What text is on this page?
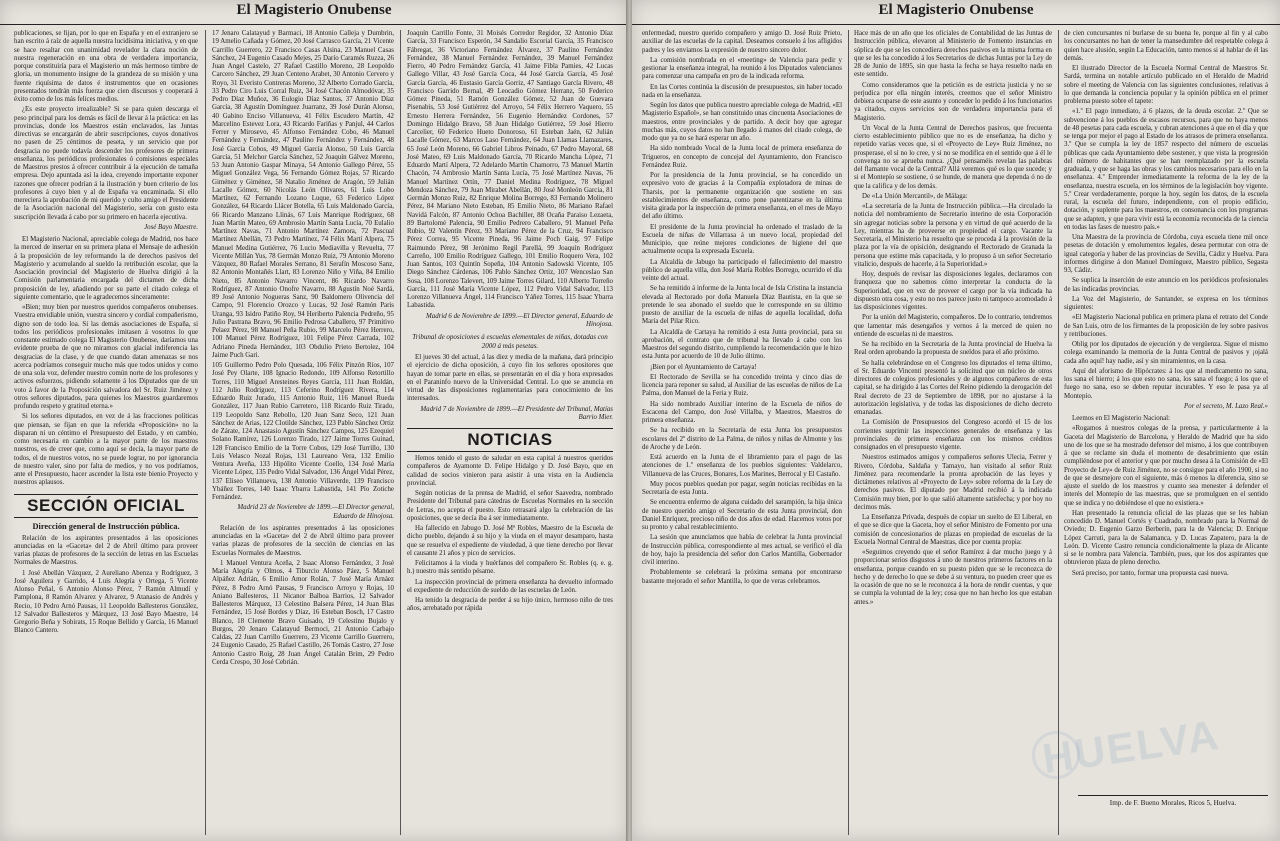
El Magisterio Onubense

publicaciones, se fijan, por lo que en España y en el extranjero se han escrito á raíz de aquella nuestra lucidísima iniciativa, y en que se hace resaltar con unanimidad revelador la clara noción de nuestra regeneración en una obra de verdadera importancia, porque constituiría para el Magisterio un más hermoso timbre de gloria, un monumento insigne de la grandeza de su misión y una fuente riquísima de datos é instrumentos que en ocasiones presentados tendrán más fuerza que cien discursos y cooperará á éxito como de los más felices medios.

¿Es este proyecto irrealizable? Si se para quien descarga el peso principal para los demás es fácil de llevar á la práctica: en las provincias, donde los Maestros están enclavados, las Juntas directivas se encargarán de abrir suscripciones, cuyos donativos no pasen de 25 céntimos de peseta, y un servicio que por desgracia no puede todavía descender los profesores de primera enseñanza, los periódicos profesionales ó comisiones especiales de Maestros prestos á ofrecer contribuir á la ejecución de tamaña empresa. Dejo apuntada así la idea, creyendo importante exponer razones que ofrecer podrían á la ilustración y buen criterio de los profesores á cuyo bien y al de España va encaminada. Si ello mereciera la aprobación de mi querido y culto amigo el Presidente de la Asociación nacional del Magisterio, sería con gusto esta suscripción llevada á cabo por su primero en hacerla ejecutiva.

José Bayo Maestre.

El Magisterio Nacional, apreciable colega de Madrid, nos hace la merced de insertar en su primera plana el Mensaje de adhesión á la proposición de ley reformando la de derechos pasivos del Magisterio y acumulando al sueldo la retribución escolar, que la Asociación provincial del Magisterio de Huelva dirigió á la Comisión parlamentaria encargada del dictamen de dicha proposición de ley, añadiendo por su parte el citado colega el siguiente comentario, que le agradecemos sinceramente:

«Bien; muy bien por nuestros queridos compañeros onubenses. Vuestra envidiable unión, vuestra sincero y cordial compañerismo, digno son de todo loa. Si las demás asociaciones de España, si todos los periódicos profesionales imitasen á vosotros lo que constante estimado colega El Magisterio Onubense, daríamos una evidente prueba de que no miramos con glacial indiferencia las desgracias de la clase, y de que cuando datan amenazas se nos acerca podríamos conseguir mucho más que todos unidos y como de una sola voz, defender nuestro común norte de los profesores y activos esfuerzos, pidiendo solamente á los Diputados que de un voto á favor de la Proposición salvadora del Sr. Ruiz Jiménez y otros señores diputados, para quienes los Maestros guardaremos profundo respeto y gratitud eterna.»

Si los señores diputados, en vez de á las fracciones políticas que piensan, se fijan en que la referida «Proposición» no la disparan ni un céntimo el Presupuesto del Estado, y en cambio, como necesaria en cambio a la mayor parte de los maestros nuestros, es de creer que, como aquí se decía, la mayor parte de todos, el de nuestros votos, no se puede lograr, no por ignorancia de nuestro valer, sino por falta de medios, y no vos podríamos, ante el Presupuesto, hacer ascender la lista este bienio Proyecto y nuestros aplausos.

SECCIÓN OFICIAL
Dirección general de Instrucción pública.

Relación de los aspirantes presentados á las oposiciones anunciadas en la «Gaceta» del 2 de Abril último para proveer varias plazas de profesores de la sección de letras en las Escuelas Normales de Maestros.

1 José Abellán Vázquez, 2 Aureliano Abenza y Rodríguez, 3 José Aguilera y Garrido, 4 Luis Alegría y Ortega, 5 Vicente Alonso Peñal, 6 Antonio Alonso Pérez, 7 Ramón Almudí y Pamplona, 8 Ramón Alvarez y Alvarez, 9 Atanasio de Andrés y Recio, 10 Pedro Arnó Pausas, 11 Leopoldo Ballesteros González, 12 Salvador Ballesteros y Márquez, 13 José Bayo Maestre, 14 Gregorio Beña y Sobirats, 15 Roque Bellido y García, 16 Manuel Blanco Cantero.

17 Jenaro Calatayud y Barmaci, 18 Antonio Calleja y Dumbrin, 19 Amelio Cañada y Gómez, 20 José Carrasco García, 21 Vicente Carrillo Guerrero, 22 Francisco Casas Alsina, 23 Manuel Casas Sánchez, 24 Eugenio Casado Mejes, 25 Darío Caramés Ruzza, 26 Juan Angel Castelo, 27 Rafael Castillo Moreno, 28 Leopoldo Carcero Sánchez, 29 Juan Centeno Arabet, 30 Antonio Cervero y Royo, 31 Everisto Contreras Moreno, 32 Alberto Corrado García, 33 Pedro Ciro Luis Corral Ruiz, 34 José Chacón Almodóvar, 35 Pedro Díaz Muñoz, 36 Eulogio Díaz Santos, 37 Antonio Díaz García, 38 Agustín Domínguez Juarranz, 39 José Durán Alonso, 40 Gabino Enciso Villanueva, 41 Félix Escudero Martín, 42 Marcelino Estevez Lora, 43 Ricardo Fariñas y Panjul, 44 Carlos Ferrer y Mirosevo, 45 Alfonso Fernández Cobo, 46 Manuel Fernández y Fernández, 47 Paulino Fernández y Fernández, 48 José Garcia Cobos, 49 Miguel García Alonso, 50 Luis García García, 51 Melchor García Sánchez, 52 Joaquín Gálvez Moreno, 53 Juan Antonio Gaspar Minaya, 54 Antonio Gallego Pérez, 55 Miguel González Vega, 56 Fernando Gómez Rojas, 57 Ricardo Giménez y Giménez, 58 Natalio Jiménez de Aragón, 59 Julián Lacalle Gómez, 60 Nicolás León Olivares, 61 Luis Lobo Martínez, 62 Fernando Lozano Luque, 63 Federico López González, 64 Ricardo Llácer Botella, 65 Luis Maldonado García, 66 Ricardo Manzano Llinás, 67 Luis Manrique Rodríguez, 68 Juan Martín Mateo, 69 Ambrosio Martín Santa Lucía, 70 Eulalio Martínez Navas, 71 Antonio Martínez Zamora, 72 Pascual Martínez Abellán, 73 Pedro Martínez, 74 Félix Martí Alpera, 75 Manuel Medina Gutiérrez, 76 Lucio Mediavilla y Revuelta, 77 Vicente Millán Yus, 78 Germán Monzo Ruiz, 79 Antonio Moreno Vázquez, 80 Rafael Morales Serrano, 81 Serafín Moscoso Sanz, 82 Antonio Montañés Llart, 83 Lorenzo Niño y Viña, 84 Emilio Nieto, 85 Antonio Navarro Vincent, 86 Ricardo Navarro Rodríguez, 87 Antonio Onofre Navarro, 88 Agustín Noé Sardá, 89 José Antonio Nogueras Sanz, 90 Baldomero Olivencia del Campo, 91 Florencio Orozco y Lucas, 92 José Ramón Paris Uranga, 93 Isidro Patiño Roy, 94 Heriberto Palencia Pedreño, 95 Julio Pastrana Bravo, 96 Emilio Pedrosa Caballero, 97 Primitivo Pelaez Pérez, 98 Manuel Peña Rubio, 99 Marcelo Pérez Herrero, 100 Manuel Pérez Rodríguez, 101 Felipe Pérez Carrada, 102 Adriano Pineda Hernández, 103 Obdulio Prieto Bertolez, 104 Jaime Puch Gari.

105 Guillermo Pedro Polo Quesada, 106 Félix Pinzón Ríos, 107 José Pey Olarte, 108 Ignacio Redondo, 109 Alfonso Retortillo Torres, 110 Miguel Aresteines Reyes García, 111 Juan Roldán, 112 Julio Rodríguez, 113 Ceferino Rodríguez Rivera, 114 Eduardo Ruiz Jurado, 115 Antonio Ruiz, 116 Manuel Rueda González, 117 Juan Rubio Carretero, 118 Ricardo Ruiz Tirado, 119 Leopoldo Sanz Rebollo, 120 Juan Sanz Seco, 121 Juan Sánchez de Arias, 122 Clotilde Sánchez, 123 Pablo Sánchez Ortiz de Zárate, 124 Anastasio Agustín Sánchez Campos, 125 Ezequiel Solano Ramírez, 126 Lorenzo Tirado, 127 Jaime Torres Guinad, 128 Francisco Emilio de la Torre Cobos, 129 José Turrillo, 130 Luis Velasco Nozal Rojas, 131 Laureano Vera, 132 Emilio Ventura Aveña, 133 Hipólito Vicente Coello, 134 José María Vicente López, 135 Pedro Vidal Salvador, 136 Ángel Vidal Pérez, 137 Eliseo Villanueva, 138 Antonio Villaverde, 139 Francisco Ybáñez Torres, 140 Isaac Ybarra Labastida, 141 Pío Zotiche Fernández.

Madrid 23 de Noviembre de 1899.—El Director general, Eduardo de Hinojosa.

Relación de los aspirantes presentados á las oposiciones anunciadas en la «Gaceta» del 2 de Abril último para proveer varias plazas de profesores de la sección de ciencias en las Escuelas Normales de Maestros.

1 Manuel Ventura Aceña, 2 Isaac Alonso Fernández, 3 José María Alegría y Olmos, 4 Tiburcio Alonso Páez, 5 Manuel Alpáñez Adrián, 6 Emilio Amor Rolán, 7 José María Arnáez Pérez, 8 Pedro Arnó Pausas, 9 Francisco Arroyo y Rojas, 10 Aniano Ballesteros, 11 Nicanor Balboa Barrios, 12 Salvador Ballesteros Márquez, 13 Celestino Balsera Pérez, 14 Juan Blas Fernández, 15 José Bordes y Díaz, 16 Esteban Bosch, 17 Castro Blanco, 18 Clemente Bravo Guisado, 19 Celestino Bujalo y Burgos, 20 Jenaro Calatayud Bermoci, 21 Antonio Carbajo Caldas, 22 Juan Carrillo Guerrero, 23 Vicente Carrillo Guerrero, 24 Eugenio Casado, 25 Rafael Castillo, 26 Tomás Castro, 27 Jose Antonio Castro Roig, 28 Juan Ángel Catalán Brim, 29 Pedro Cerda Crespo, 30 José Cebrián.

Joaquín Carrillo Fonte, 31 Moisés Corredor Regidor, 32 Antonio Díaz García, 33 Francisco Esperón, 34 Sandalio Escorial García, 35 Francisco Fábregat, 36 Victoriano Fernández Álvarez, 37 Paulino Fernández Fernández, 38 Manuel Fernández Fernández, 39 Manuel Fernández Fierro, 40 Pedro Fernández García, 41 Jaime Fibla Pamies, 42 Lucas Gallego Villar, 43 José García Coca, 44 José García García, 45 José García García, 46 Eustasio García Gorriz, 47 Santiago García Rivero, 48 Francisco Garrido Bernal, 49 Leocadio Gómez Herranz, 50 Federico Gómez Pineda, 51 Ramón González Gómez, 52 Juan de Guevara Pisenabis, 53 José Gutiérrez del Arroyo, 54 Félix Herrero Vaquero, 55 Ernesto Herrera Fernández, 56 Eugenio Hernández Cordones, 57 Domingo Hidalgo Bravo, 58 Juan Hidalgo Gutiérrez, 59 José Hierro Carcelier, 60 Federico Hueto Donoroso, 61 Esteban Jaén, 62 Julián Lacalle Gómez, 63 Marcos Laso Fernández, 64 Juan Llamas Llamazares, 65 José León Moreno, 66 Gabriel Libros Peinado, 67 Pedro Mayoral, 68 José Mateo, 69 Luis Maldonado García, 70 Ricardo Mancha López, 71 Eduardo Martí Alpera, 72 Adelardo Martín Chamorro, 73 Manuel Martín Chacón, 74 Ambrosio Martín Santa Lucía, 75 José Martínez Navas, 76 Manuel Martínez Ortín, 77 Daniel Medina Rodríguez, 78 Miguel Mendoza Sánchez, 79 Juan Mirabet Abellán, 80 José Monleón Garcia, 81 Germán Monzo Ruiz, 82 Enrique Molina Borrego, 83 Fernando Molinero Pérez, 84 Mariano Nieto Esteban, 85 Emilio Nieto, 86 Mariano Rafael Navidá Falcón, 87 Antonio Ochoa Bachiller, 88 Ocaña Paraiso Lezaeta, 89 Bartolomé Palencia, 90 Emilio Pedrero Caballero, 91 Manuel Peña Rubio, 92 Valentín Pérez, 93 Mariano Pérez de la Cruz, 94 Francisco Pérez Correa, 95 Vicente Pineda, 96 Jaime Poch Gaig, 97 Felipe Raimundo Pérez, 98 Jerónimo Regil Parellá, 99 Joaquín Rodríguez Carreño, 100 Emilio Rodríguez Gallego, 101 Emilio Roquero Vera, 102 Juan Santos, 103 Quintín Sopeña, 104 Antonio Sadowski Vicente, 105 Diego Sánchez Cárdenas, 106 Pablo Sánchez Ortiz, 107 Wenceslao San Sosa, 108 Lorenzo Talevert, 109 Jaime Torres Gilard, 110 Alberto Torreño García, 111 José María Vicente López, 112 Pedro Vidal Salvador, 113 Lorenzo Villanueva Ángel, 114 Francisco Yáñez Torres, 115 Isaac Ybarra Labastida.

Madrid 6 de Noviembre de 1899.—El Director general, Eduardo de Hinojosa.
Tribunal de oposiciones á escuelas elementales de niñas, dotadas con 2000 á más pesetas.

El jueves 30 del actual, á las diez y media de la mañana, dará principio el ejercicio de dicha oposición, á cuyo fin los señores opositores que hayan de tomar parte en ellas, se presentarán en el día y hora expresados en el Paraninfo nuevo de la Universidad Central. Lo que se anuncia en virtud de las disposiciones reglamentarias para conocimiento de los interesados.

Madrid 7 de Noviembre de 1899.—El Presidente del Tribunal, Matías Barrio Mier.
NOTICIAS

Hemos tenido el gusto de saludar en esta capital á nuestros queridos compañeros de Ayamonte D. Felipe Hidalgo y D. José Bayo, que en calidad de socios vinieron para asistir á una vista en la Audiencia provincial.

Según noticias de la prensa de Madrid, el señor Saavedra, nombrado Presidente del Tribunal para cátedras de Escuelas Normales en la sección de Letras, no acepta el puesto. Esto retrasará algo la celebración de las oposiciones, que se decía iba á ser inmediatamente.

Ha fallecido en Jabugo D. José Mª Robles, Maestro de la Escuela de dicho pueblo, dejando á su hijo y la viuda en el mayor desamparo, hasta que se resuelva el expediente de viudedad, á que tiene derecho por llevar el causante 21 años y pico de servicios.

Felicitamos á la viuda y huérfanos del compañero Sr. Robles (q. e. g. h.) nuestro más sentido pésame.

La inspección provincial de primera enseñanza ha devuelto informado el expediente de reducción de sueldo de las escuelas de León.

Ha tenido la desgracia de perder á su hijo único, hermoso niño de tres años, arrebatado por rápida

El Magisterio Onubense

enfermedad, nuestro querido compañero y amigo D. José Ruiz Prieto, auxiliar de las escuelas de la capital. Deseamos consuelo á los afligidos padres y les enviamos la expresión de nuestro sincero dolor.

La comisión nombrada en el «meeting» de Valencia para pedir y gestionar la enseñanza integral, ha reunido á los Diputados valencianos para comenzar una campaña en pro de la indicada reforma.

En las Cortes continúa la discusión de presupuestos, sin haber tocado nada en la enseñanza.

Según los datos que publica nuestro apreciable colega de Madrid, «El Magisterio Español», se han constituido unas cincuenta Asociaciones de maestros, entre provinciales y de partido. A decir hoy que agregar muchas más, cuyos datos no han llegado á manos del citado colega, de modo que ya no se hará esperar un año.

Ha sido nombrado Vocal de la Junta local de primera enseñanza de Trigueros, en concepto de concejal del Ayuntamiento, don Francisco Fernández Ruiz.

Por la presidencia de la Junta provincial, se ha concedido un expresivo voto de gracias á la Compañía explotadora de minas de Tharsis, por la permanente organización que sostiene en sus establecimientos de enseñanza, como pone patentizarse en la última visita girada por la inspección de primera enseñanza, en el mes de Mayo del año último.

El presidente de la Junta provincial ha ordenado el traslado de la Escuela de niñas de Villarrasa á un nuevo local, propiedad del Municipio, que reúne mejores condiciones de higiene del que actualmente ocupa la expresada Escuela.

La Alcaldía de Jabugo ha participado el fallecimiento del maestro público de aquella villa, don José María Robles Borrego, ocurrido el día veinte del actual.

Se ha remitido á informe de la Junta local de Isla Cristina la instancia elevada al Rectorado por doña Manuela Díaz Bautista, en la que se pretende le sea abonado el sueldo que le corresponde en su último puesto de auxiliar de la escuela de niñas de aquella localidad, doña María del Pilar Rico.

La Alcaldía de Cartaya ha remitido á esta Junta provincial, para su aprobación, el contrato que de tribunal ha llevado á cabo con los Maestros del segundo distrito, cumpliendo la recomendación que le hizo esta Junta por acuerdo de 10 de Julio último.

¡Bien por el Ayuntamiento de Cartaya!

El Rectorado de Sevilla se ha concedido treinta y cinco días de licencia para reponer su salud, al Auxiliar de las escuelas de niños de La Palma, don Manuel de la Feria y Ruiz.

Ha sido nombrado Auxiliar interino de la Escuela de niños de Escacena del Campo, don José Villalba, y Maestros, Maestros de primera enseñanza.

Se ha recibido en la Secretaría de esta Junta los presupuestos escolares del 2º distrito de La Palma, de niños y niñas de Almonte y los de Aroche y de León.

Está acuerdo en la Junta de el libramiento para el pago de las atenciones de 1.º enseñanza de los pueblos siguientes: Valdelarco, Villanueva de las Cruces, Bonares, Los Marines, Berrocal y El Castaño.

Muy pocos pueblos quedan por pagar, según noticias recibidas en la Secretaría de esta Junta.

Se encuentra enfermo de alguna cuidado del sarampión, la hija única de nuestro querido amigo el Secretario de esta Junta provincial, don Daniel Enríquez, precioso niño de dos años de edad. Hacemos votos por su pronto y cabal restablecimiento.

La sesión que anunciamos que había de celebrar la Junta provincial de Instrucción pública, correspondiente al mes actual, se verificó el día de hoy, bajo la presidencia del señor don Carlos Mantilla, Gobernador civil interino.

Probablemente se celebrará la próxima semana por encontrarse bastante mejorado el señor Mantilla, lo que de veras celebramos.

Hace más de un año que los oficiales de Contabilidad de las Juntas de Instrucción pública, elevaron al Ministerio de Fomento instancias en súplica de que se les concediera derechos pasivos en la misma forma en que se les ha concedido á los Secretarios de dichas Juntas por la Ley de 28 de Junio de 1895, sin que hasta la fecha se haya resuelto nada en este sentido.

Como consideramos que la petición es de estricta justicia y no se perjudica por ella ningún interés, creemos que el señor Ministro debiera ocuparse de este asunto y conceder lo pedido á los funcionarios ya citados, cuyos servicios son de verdadera importancia para el Magisterio.

Un Vocal de la Junta Central de Derechos pasivos, que frecuenta cierto establecimiento público que no es de enseñanza, ha dicho y repetido varias veces que, si el «Proyecto de Ley» Ruiz Jiménez, no prosperase, el sí no lo cree, y si no se modifica en el sentido que á él le convenga no se aprueba nunca. ¿Qué pensaméis revelan las palabras del flamante vocal de la Central? Allá veremos qué es lo que sucede; y si el Montepío se sostiene, ó se hunde, de manera que dependa ó no de que la califica y de los demás.

De «La Unión Mercantil», de Málaga:

«La secretaría de la Junta de Instrucción pública.—Ha circulado la noticia del nombramiento de Secretario interino de esta Corporación sin agregar noticias sobre la persona y en virtud de qué acuerdo de la Ley, mientras ha de proveerse en propiedad el cargo. Vacante la Secretaría, el Ministerio ha resuelto que se proceda á la provisión de la plaza por la vía de opisición, designando el Rectorado de Granada la persona que estime más capacitada, y lo propuso á un señor Secretario vitalicio, después de hacerle, á la Superioridad.»

Hoy, después de revisar las disposiciones legales, declaramos con franqueza que no sabemos cómo interpretar la conducta de la Superioridad, que en vez de proveer el cargo por la vía indicada ha dispuesto otra cosa, y esto no nos parece justo ni tampoco acomodado á las disposiciones vigentes.

Por la unión del Magisterio, compañeros. De lo contrario, tendremos que lamentar más desengaños y vernos á la merced de quien no entiende de escuelas ni de maestros.

Se ha recibido en la Secretaría de la Junta provincial de Huelva la Real orden aprobando la propuesta de sueldos para el año próximo.

Se halla celebrándose en el Congreso los diputados el tema último, el Sr. Eduardo Vincenti presentó la solicitud que un núcleo de otros directores de colegios profesionales y de algunos compañeros de esta capital, se ha dirigido á las Cortes del Reino pidiendo la derogación del Real decreto de 23 de Septiembre de 1898, por no ajustarse á la autorización legislativa, y de todas las disposiciones de dicho decreto emanadas.

La Comisión de Presupuestos del Congreso acordó el 15 de los corrientes suprimir las inspecciones generales de enseñanza y las provinciales de primera enseñanza con los mismos créditos consignados en el presupuesto vigente.

Nuestros estimados amigos y compañeros señores Ulecia, Ferrer y Rivero, Córdoba, Saldaña y Tamayo, han visitado al señor Ruiz Jiménez para recomendarle la pronta aprobación de las leyes y dictámenes relativos al «Proyecto de Ley» sobre reforma de la Ley de derechos pasivos. El diputado por Madrid recibió á la indicada Comisión muy bien, por lo que salió altamente satisfecha; y por hoy no decimos más.

La Enseñanza Privada, después de copiar un suelto de El Liberal, en el que se dice que la Gaceta, hoy el señor Ministro de Fomento por una comisión de concesionarios de plazas en propiedad de escuelas de la Escuela Normal Central de Maestras, dice por cuenta propia:

«Seguimos creyendo que el señor Ramírez á dar mucho juego y á proporcionar serios disgustos á uno de nuestros primeros factores en la enseñanza, porque cuando en su puesto piden que se le reconozca de hecho y de derecho lo que se debe á su ventura, no pueden creer que es la ocasión de que no se le reconozca á la hora de rendir cuentas, y que se cumpla la voluntad de la ley; cosa que no han hecho los que estaban antes.»

de cien concursantes ni burlarse de su buena fe, porque al fin y al cabo los concursantes no han de tener la mansedumbre del respetable colega á quien hace alusión, según La Educación, tanto menos si al hablar de él las demás.

El ilustrado Director de la Escuela Normal Central de Maestros Sr. Sardá, termina un notable artículo publicado en el Heraldo de Madrid sobre el meeting de Valencia con las siguientes conclusiones, relativas á lo que demanda la conciencia popular y la opinión pública en el primer problema puesto sobre el tapete:

«1.º El pago inmediato, á 6 plazos, de la deuda escolar. 2.º Que se subvencione á los pueblos de escasos recursos, para que no haya menos de 48 pesetas para cada escuela, y cubran atenciones á que en el día y que se tenga por mejor el pago al Estado de los atrasos de primera enseñanza. 3.º Que se cumpla la ley de 1857 respecto del número de escuelas públicas que cada Ayuntamiento debe sostener, y que vista la progresión del número de habitantes que se han reemplazado por la escuela graduada, y que se haga las obras y los cambios necesarios para ello en la enseñanza. 4.º Emprender inmediatamente la reforma de la ley de la enseñanza, nuestra escuela, en los términos de la legislación hoy vigente. 5.º Crear verdaderamente, porque la hoy, según los datos, de la escuela rural, la escuela del futuro, independiente, con el propio edificio, dotación, y suplente para los maestros, en consonancia con los programas que se adapten, y que para vivir está la economía reconocida de la ciencia en todas las fases de nuestro país.»

Una Maestra de la provincia de Córdoba, cuya escuela tiene mil once pesetas de dotación y emolumentos legales, desea permutar con otra de igual categoría y haber de las provincias de Sevilla, Cádiz y Huelva. Para informes dirigirse á don Manuel Domínguez, Maestro público, Segasta 93, Cádiz.

Se suplica la inserción de este anuncio en los periódicos profesionales de las indicadas provincias.

La Voz del Magisterio, de Santander, se expresa en los términos siguientes:

«El Magisterio Nacional publica en primera plana el retrato del Conde de San Luis, otro de los firmantes de la proposición de ley sobre pasivos y retribuciones.

Oblig por los diputados de ejecución y de vergüenza. Sigue el mismo colega examinando la memoria de la Junta Central de pasivos y ¡ojalá cada año aquí! hay nadie, así y sin miramientos, en la casa.

Aquí del aforismo de Hipócrates: á los que al medicamento no sana, los sana el hierro; á los que esto no sana, los sana el fuego; á los que el fuego no sana, eso se deben reputar incurables. Y eso le pasa ya al Montepío.

Por el secreto, M. Lazo Real.»

Leemos en El Magisterio Nacional:

«Rogamos á nuestros colegas de la prensa, y particularmente á la Gaceta del Magisterio de Barcelona, y Heraldo de Madrid que ha sido uno de los que se ha mostrado defensor del mismo, á los que contribuyen á que se reclame sin duda el momento de desabrimiento que están cumpliéndose por el anterior y que por mucho desea á la Comisión de «El Proyecto de Ley» de Ruiz Jiménez, no se consigue para el año 1900, si no de que se desmejore con el siguiente, más ó menos la diferencia, sino se ajuste el sueldo de los maestros y cuanto sea menester á defender el interés del Montepío de las maestras, que se promulguen en el sentido que se indica y no debiéndose el que no existiera.»

Han presentado la renuncia oficial de las plazas que se les habían concedido D. Manuel Cortés y Cuadrado, nombrado para la Normal de Oviedo; D. Eugenio Garzo Berberín, para la de Valencia; D. Enrique López Carruti, para la de Salamanca, y D. Lucas Zapatero, para la de León. D. Vicente Castro renuncia condicionalmente la plaza de Alicante si se le nombra para Valencia. También, pues, que los dos aspirantes que obtuvieron plaza de pleno derecho.

Será preciso, por tanto, formar una propuesta casi nueva.

Imp. de F. Bueno Morales, Ricos 5, Huelva.
HUELVA
